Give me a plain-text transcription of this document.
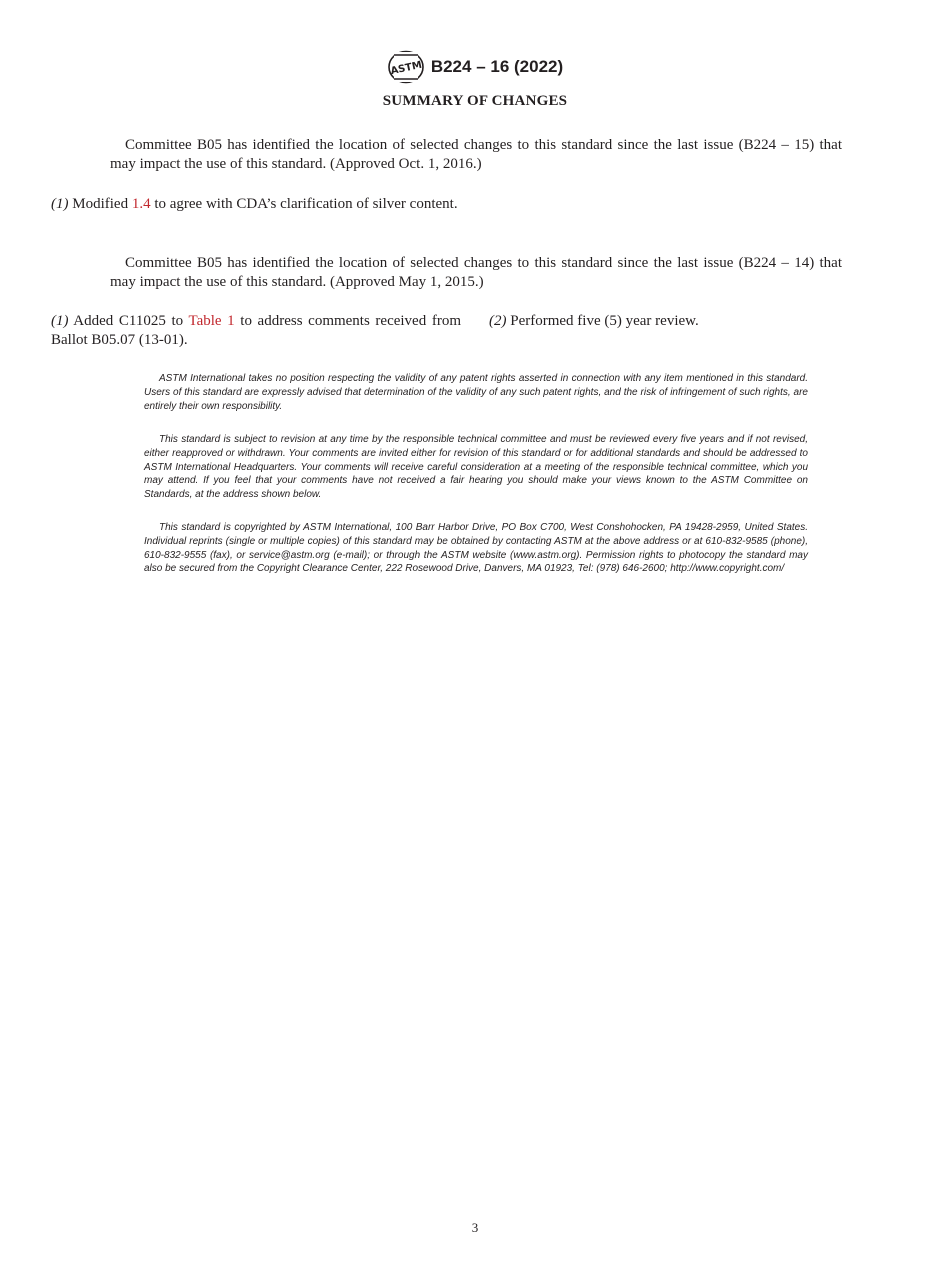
ASTM B224 – 16 (2022)
SUMMARY OF CHANGES
Committee B05 has identified the location of selected changes to this standard since the last issue (B224 – 15) that may impact the use of this standard. (Approved Oct. 1, 2016.)
(1) Modified 1.4 to agree with CDA’s clarification of silver content.
Committee B05 has identified the location of selected changes to this standard since the last issue (B224 – 14) that may impact the use of this standard. (Approved May 1, 2015.)
(1) Added C11025 to Table 1 to address comments received from Ballot B05.07 (13-01).
(2) Performed five (5) year review.
ASTM International takes no position respecting the validity of any patent rights asserted in connection with any item mentioned in this standard. Users of this standard are expressly advised that determination of the validity of any such patent rights, and the risk of infringement of such rights, are entirely their own responsibility.
This standard is subject to revision at any time by the responsible technical committee and must be reviewed every five years and if not revised, either reapproved or withdrawn. Your comments are invited either for revision of this standard or for additional standards and should be addressed to ASTM International Headquarters. Your comments will receive careful consideration at a meeting of the responsible technical committee, which you may attend. If you feel that your comments have not received a fair hearing you should make your views known to the ASTM Committee on Standards, at the address shown below.
This standard is copyrighted by ASTM International, 100 Barr Harbor Drive, PO Box C700, West Conshohocken, PA 19428-2959, United States. Individual reprints (single or multiple copies) of this standard may be obtained by contacting ASTM at the above address or at 610-832-9585 (phone), 610-832-9555 (fax), or service@astm.org (e-mail); or through the ASTM website (www.astm.org). Permission rights to photocopy the standard may also be secured from the Copyright Clearance Center, 222 Rosewood Drive, Danvers, MA 01923, Tel: (978) 646-2600; http://www.copyright.com/
3
